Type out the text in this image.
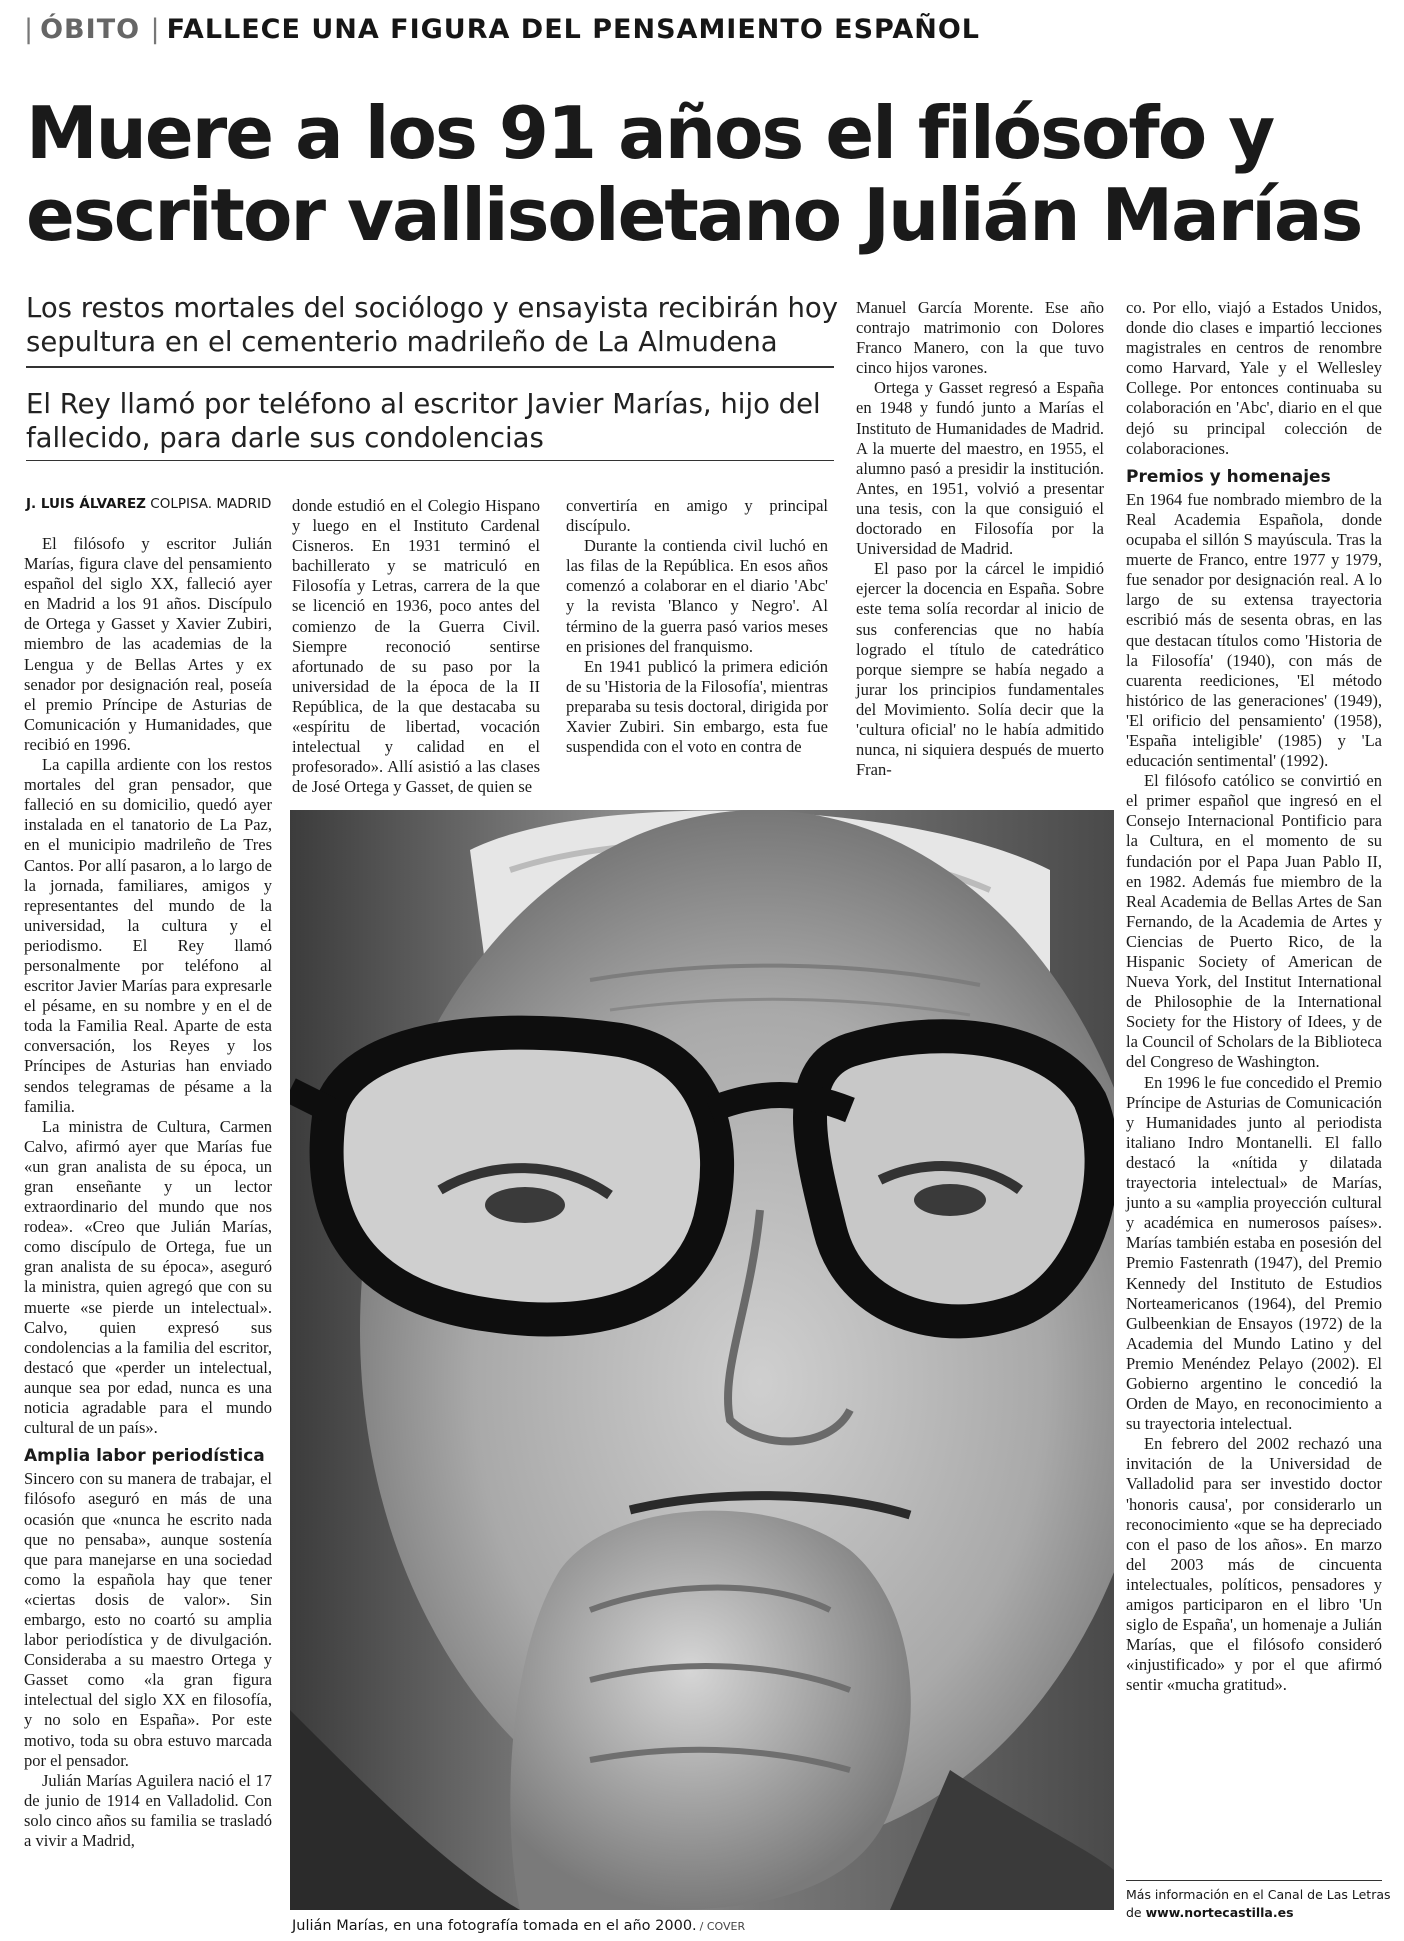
| ÓBITO | FALLECE UNA FIGURA DEL PENSAMIENTO ESPAÑOL
Muere a los 91 años el filósofo y escritor vallisoletano Julián Marías
Los restos mortales del sociólogo y ensayista recibirán hoy sepultura en el cementerio madrileño de La Almudena
El Rey llamó por teléfono al escritor Javier Marías, hijo del fallecido, para darle sus condolencias
J. LUIS ÁLVAREZ COLPISA. MADRID

El filósofo y escritor Julián Marías, figura clave del pensamiento español del siglo XX, falleció ayer en Madrid a los 91 años. Discípulo de Ortega y Gasset y Xavier Zubiri, miembro de las academias de la Lengua y de Bellas Artes y ex senador por designación real, poseía el premio Príncipe de Asturias de Comunicación y Humanidades, que recibió en 1996.

La capilla ardiente con los restos mortales del gran pensador, que falleció en su domicilio, quedó ayer instalada en el tanatorio de La Paz, en el municipio madrileño de Tres Cantos. Por allí pasaron, a lo largo de la jornada, familiares, amigos y representantes del mundo de la universidad, la cultura y el periodismo. El Rey llamó personalmente por teléfono al escritor Javier Marías para expresarle el pésame, en su nombre y en el de toda la Familia Real. Aparte de esta conversación, los Reyes y los Príncipes de Asturias han enviado sendos telegramas de pésame a la familia.

La ministra de Cultura, Carmen Calvo, afirmó ayer que Marías fue «un gran analista de su época, un gran enseñante y un lector extraordinario del mundo que nos rodea». «Creo que Julián Marías, como discípulo de Ortega, fue un gran analista de su época», aseguró la ministra, quien agregó que con su muerte «se pierde un intelectual». Calvo, quien expresó sus condolencias a la familia del escritor, destacó que «perder un intelectual, aunque sea por edad, nunca es una noticia agradable para el mundo cultural de un país».

Amplia labor periodística

Sincero con su manera de trabajar, el filósofo aseguró en más de una ocasión que «nunca he escrito nada que no pensaba», aunque sostenía que para manejarse en una sociedad como la española hay que tener «ciertas dosis de valor». Sin embargo, esto no coartó su amplia labor periodística y de divulgación. Consideraba a su maestro Ortega y Gasset como «la gran figura intelectual del siglo XX en filosofía, y no solo en España». Por este motivo, toda su obra estuvo marcada por el pensador.

Julián Marías Aguilera nació el 17 de junio de 1914 en Valladolid. Con solo cinco años su familia se trasladó a vivir a Madrid,

donde estudió en el Colegio Hispano y luego en el Instituto Cardenal Cisneros. En 1931 terminó el bachillerato y se matriculó en Filosofía y Letras, carrera de la que se licenció en 1936, poco antes del comienzo de la Guerra Civil. Siempre reconoció sentirse afortunado de su paso por la universidad de la época de la II República, de la que destacaba su «espíritu de libertad, vocación intelectual y calidad en el profesorado». Allí asistió a las clases de José Ortega y Gasset, de quien se

convertiría en amigo y principal discípulo.

Durante la contienda civil luchó en las filas de la República. En esos años comenzó a colaborar en el diario 'Abc' y la revista 'Blanco y Negro'. Al término de la guerra pasó varios meses en prisiones del franquismo.

En 1941 publicó la primera edición de su 'Historia de la Filosofía', mientras preparaba su tesis doctoral, dirigida por Xavier Zubiri. Sin embargo, esta fue suspendida con el voto en contra de

Manuel García Morente. Ese año contrajo matrimonio con Dolores Franco Manero, con la que tuvo cinco hijos varones.

Ortega y Gasset regresó a España en 1948 y fundó junto a Marías el Instituto de Humanidades de Madrid. A la muerte del maestro, en 1955, el alumno pasó a presidir la institución. Antes, en 1951, volvió a presentar una tesis, con la que consiguió el doctorado en Filosofía por la Universidad de Madrid.

El paso por la cárcel le impidió ejercer la docencia en España. Sobre este tema solía recordar al inicio de sus conferencias que no había logrado el título de catedrático porque siempre se había negado a jurar los principios fundamentales del Movimiento. Solía decir que la 'cultura oficial' no le había admitido nunca, ni siquiera después de muerto Fran-

co. Por ello, viajó a Estados Unidos, donde dio clases e impartió lecciones magistrales en centros de renombre como Harvard, Yale y el Wellesley College. Por entonces continuaba su colaboración en 'Abc', diario en el que dejó su principal colección de colaboraciones.

Premios y homenajes

En 1964 fue nombrado miembro de la Real Academia Española, donde ocupaba el sillón S mayúscula. Tras la muerte de Franco, entre 1977 y 1979, fue senador por designación real. A lo largo de su extensa trayectoria escribió más de sesenta obras, en las que destacan títulos como 'Historia de la Filosofía' (1940), con más de cuarenta reediciones, 'El método histórico de las generaciones' (1949), 'El orificio del pensamiento' (1958), 'España inteligible' (1985) y 'La educación sentimental' (1992).

El filósofo católico se convirtió en el primer español que ingresó en el Consejo Internacional Pontificio para la Cultura, en el momento de su fundación por el Papa Juan Pablo II, en 1982. Además fue miembro de la Real Academia de Bellas Artes de San Fernando, de la Academia de Artes y Ciencias de Puerto Rico, de la Hispanic Society of American de Nueva York, del Institut International de Philosophie de la International Society for the History of Idees, y de la Council of Scholars de la Biblioteca del Congreso de Washington.

En 1996 le fue concedido el Premio Príncipe de Asturias de Comunicación y Humanidades junto al periodista italiano Indro Montanelli. El fallo destacó la «nítida y dilatada trayectoria intelectual» de Marías, junto a su «amplia proyección cultural y académica en numerosos países». Marías también estaba en posesión del Premio Fastenrath (1947), del Premio Kennedy del Instituto de Estudios Norteamericanos (1964), del Premio Gulbeenkian de Ensayos (1972) de la Academia del Mundo Latino y del Premio Menéndez Pelayo (2002). El Gobierno argentino le concedió la Orden de Mayo, en reconocimiento a su trayectoria intelectual.

En febrero del 2002 rechazó una invitación de la Universidad de Valladolid para ser investido doctor 'honoris causa', por considerarlo un reconocimiento «que se ha depreciado con el paso de los años». En marzo del 2003 más de cincuenta intelectuales, políticos, pensadores y amigos participaron en el libro 'Un siglo de España', un homenaje a Julián Marías, que el filósofo consideró «injustificado» y por el que afirmó sentir «mucha gratitud».

Julián Marías, en una fotografía tomada en el año 2000. / COVER
Más información en el Canal de Las Letras de www.nortecastilla.es
